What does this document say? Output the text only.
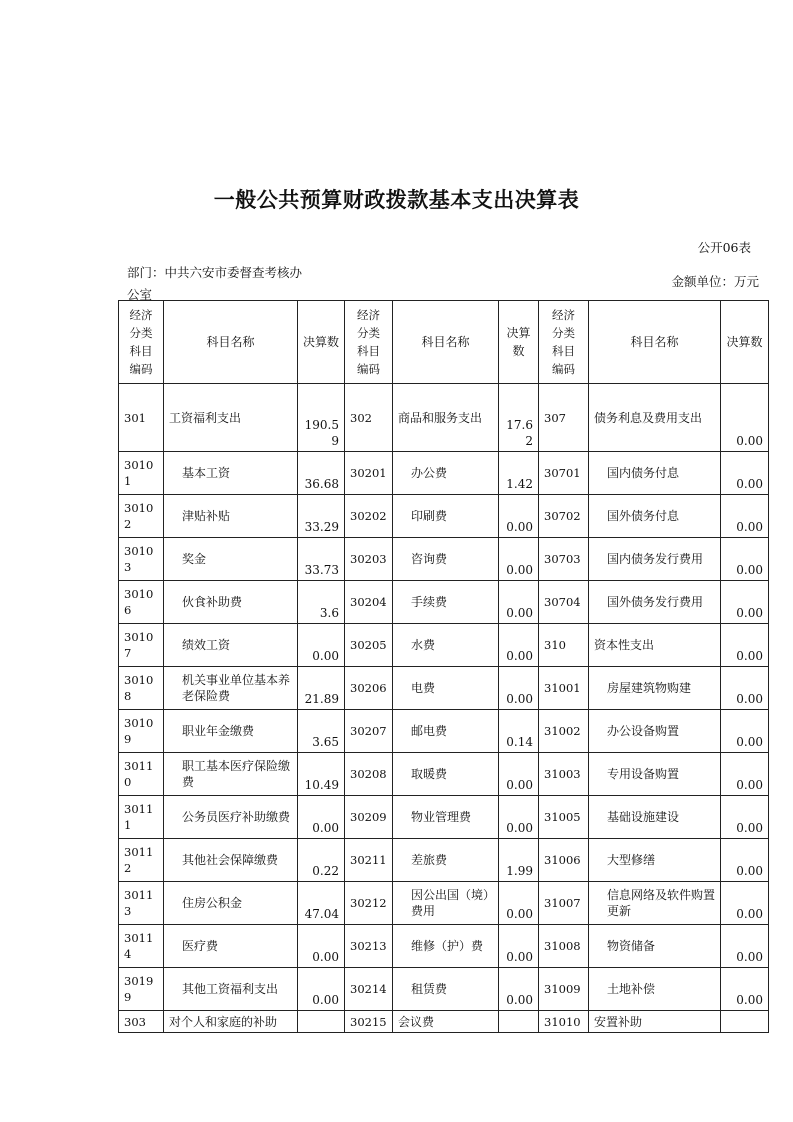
一般公共预算财政拨款基本支出决算表
公开06表
部门：中共六安市委督查考核办公室
金额单位：万元
经济分类科目编码	科目名称	决算数	经济分类科目编码	科目名称	决算数	经济分类科目编码	科目名称	决算数
301	工资福利支出	190.59	302	商品和服务支出	17.62	307	债务利息及费用支出	0.00
30101	基本工资	36.68	30201	办公费	1.42	30701	国内债务付息	0.00
30102	津贴补贴	33.29	30202	印刷费	0.00	30702	国外债务付息	0.00
30103	奖金	33.73	30203	咨询费	0.00	30703	国内债务发行费用	0.00
30106	伙食补助费	3.6	30204	手续费	0.00	30704	国外债务发行费用	0.00
30107	绩效工资	0.00	30205	水费	0.00	310	资本性支出	0.00
30108	机关事业单位基本养老保险费	21.89	30206	电费	0.00	31001	房屋建筑物购建	0.00
30109	职业年金缴费	3.65	30207	邮电费	0.14	31002	办公设备购置	0.00
30110	职工基本医疗保险缴费	10.49	30208	取暖费	0.00	31003	专用设备购置	0.00
30111	公务员医疗补助缴费	0.00	30209	物业管理费	0.00	31005	基础设施建设	0.00
30112	其他社会保障缴费	0.22	30211	差旅费	1.99	31006	大型修缮	0.00
30113	住房公积金	47.04	30212	因公出国（境）费用	0.00	31007	信息网络及软件购置更新	0.00
30114	医疗费	0.00	30213	维修（护）费	0.00	31008	物资储备	0.00
30199	其他工资福利支出	0.00	30214	租赁费	0.00	31009	土地补偿	0.00
303	对个人和家庭的补助		30215	会议费		31010	安置补助	
